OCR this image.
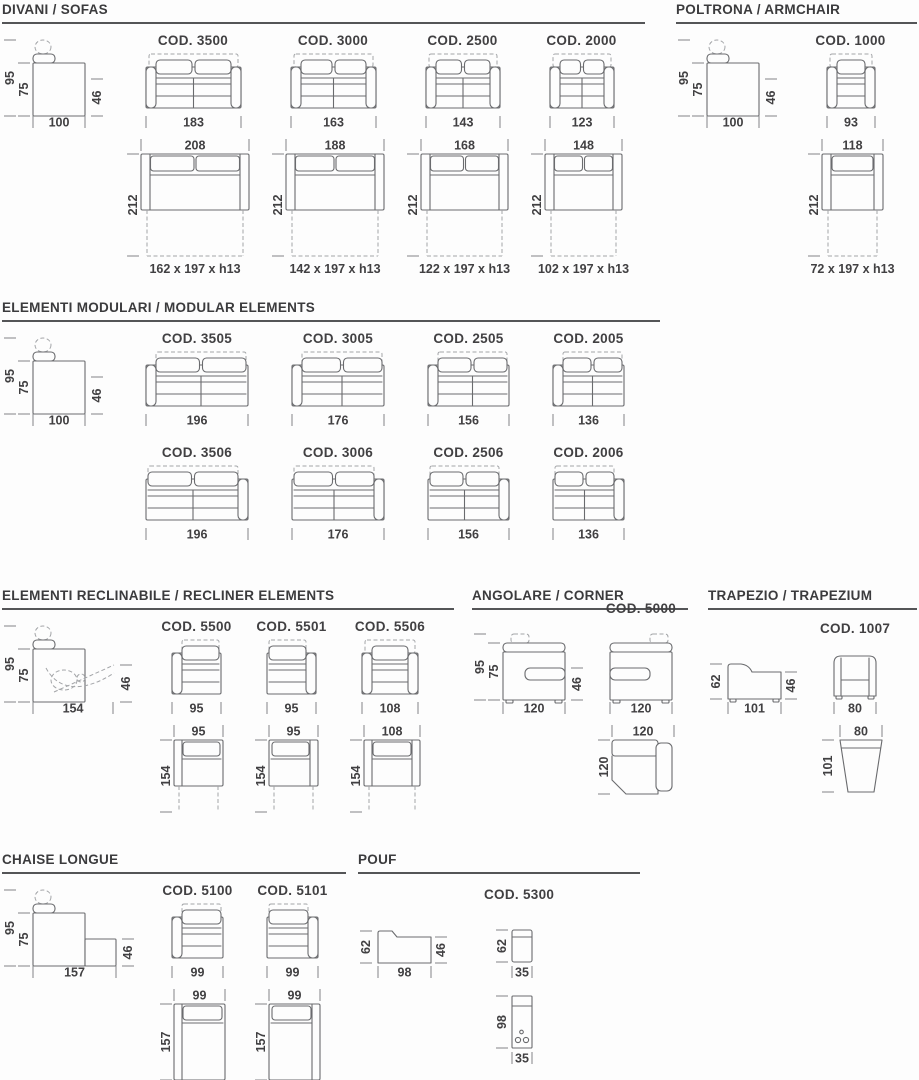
DIVANI / SOFAS
95
75
46
100
COD. 3500
183
208
212
162 x 197 x h13
COD. 3000
163
188
212
142 x 197 x h13
COD. 2500
143
168
212
122 x 197 x h13
COD. 2000
123
148
212
102 x 197 x h13
POLTRONA / ARMCHAIR
95
75
46
100
COD. 1000
93
118
212
72 x 197 x h13
ELEMENTI MODULARI / MODULAR ELEMENTS
95
75
46
100
COD. 3505
196
COD. 3506
196
COD. 3005
176
COD. 3006
176
COD. 2505
156
COD. 2506
156
COD. 2005
136
COD. 2006
136
ELEMENTI RECLINABILE / RECLINER ELEMENTS
95
75
46
154
COD. 5500
95
95
154
COD. 5501
95
95
154
COD. 5506
108
108
154
ANGOLARE / CORNER
95 75
46
120
COD. 5000
120
120
120
TRAPEZIO / TRAPEZIUM
62	46
101
COD. 1007
80
80
101
CHAISE LONGUE
95
75
46
157
COD. 5100
99
99
157
COD. 5101
99
99
157
POUF
62	46
98
COD. 5300
62
35
98
35
